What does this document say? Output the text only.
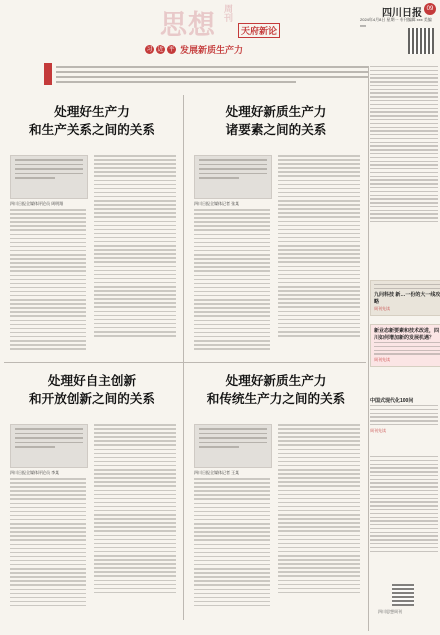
思想 周刊
天府新论
习 近 平 发展新质生产力
四川日报 09
2024年4月8日 星期一 专刊编辑 xxx 美编 xxx
处理好生产力
和生产关系之间的关系
四川日报全媒体评论员 周明翔
处理好新质生产力
诸要素之间的关系
四川日报全媒体记者 张某
处理好自主创新
和开放创新之间的关系
四川日报全媒体评论员 李某
处理好新质生产力
和传统生产力之间的关系
四川日报全媒体记者 王某
九问科技 新…一份的大一线攻略
周刊先读
新业态新要素和技术改进，四川如何增加新的发展机遇？
周刊先读
中国式现代化100问
周刊先读
四川思想周刊
